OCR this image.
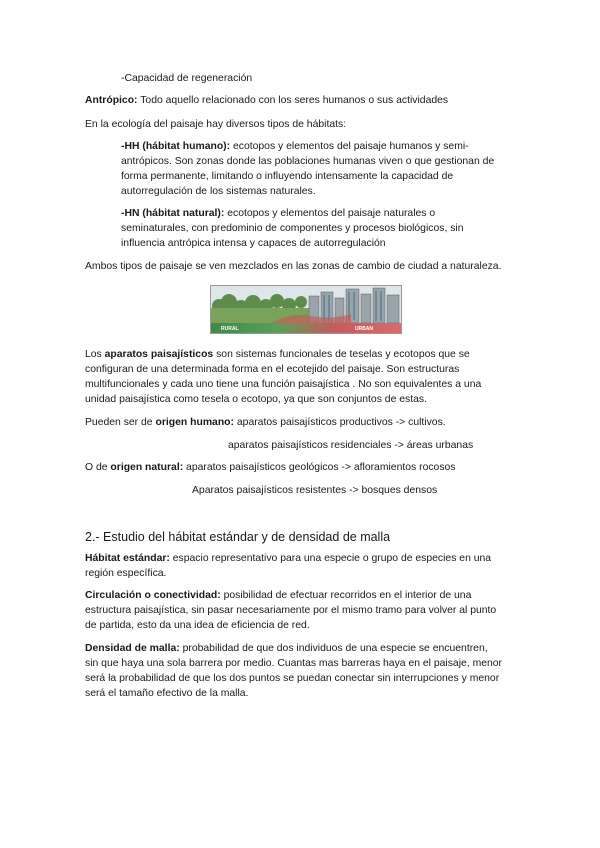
-Capacidad de regeneración

Antrópico: Todo aquello relacionado con los seres humanos o sus actividades

En la ecología del paisaje hay diversos tipos de hábitats:

-HH (hábitat humano): ecotopos y elementos del paisaje humanos y semi-

antrópicos. Son zonas donde las poblaciones humanas viven o que gestionan de

forma permanente, limitando o influyendo intensamente la capacidad de

autorregulación de los sistemas naturales.

-HN (hábitat natural): ecotopos y elementos del paisaje naturales o

seminaturales, con predominio de componentes y procesos biológicos, sin

influencia antrópica intensa y capaces de autorregulación

Ambos tipos de paisaje se ven mezclados en las zonas de cambio de ciudad a naturaleza.

RURAL	URBAN

Los aparatos paisajísticos son sistemas funcionales de teselas y ecotopos que se

configuran de una determinada forma en el ecotejido del paisaje. Son estructuras

multifuncionales y cada uno tiene una función paisajística . No son equivalentes a una

unidad paisajística como tesela o ecotopo, ya que son conjuntos de estas.

Pueden ser de origen humano: aparatos paisajísticos productivos -> cultivos.

aparatos paisajísticos residenciales -> áreas urbanas

O de origen natural: aparatos paisajísticos geológicos -> afloramientos rocosos

Aparatos paisajísticos resistentes -> bosques densos

2.- Estudio del hábitat estándar y de densidad de malla

Hábitat estándar: espacio representativo para una especie o grupo de especies en una

región específica.

Circulación o conectividad: posibilidad de efectuar recorridos en el interior de una

estructura paisajística, sin pasar necesariamente por el mismo tramo para volver al punto

de partida, esto da una idea de eficiencia de red.

Densidad de malla: probabilidad de que dos individuos de una especie se encuentren,

sin que haya una sola barrera por medio. Cuantas mas barreras haya en el paisaje, menor

será la probabilidad de que los dos puntos se puedan conectar sin interrupciones y menor

será el tamaño efectivo de la malla.
